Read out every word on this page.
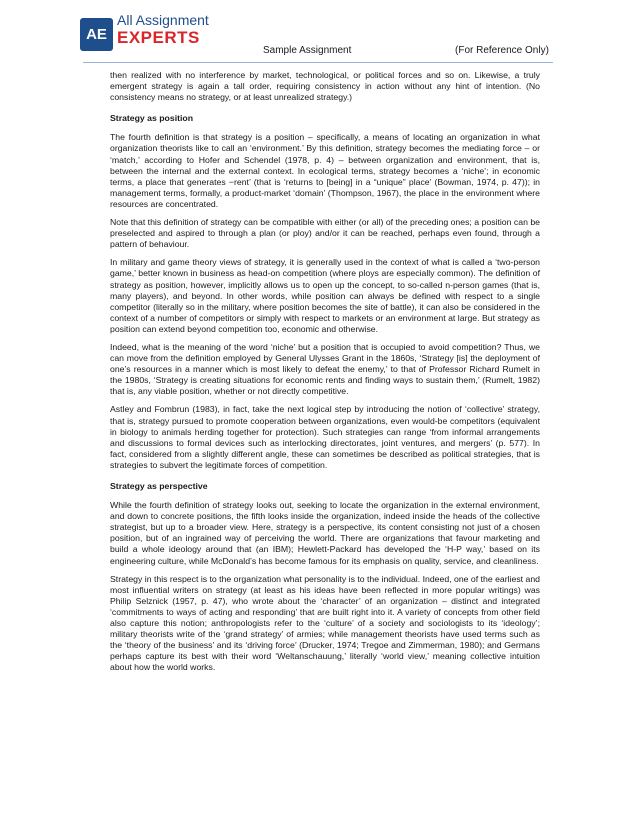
AE
All Assignment
EXPERTS
Sample Assignment	(For Reference Only)

then realized with no interference by market, technological, or political forces and so on. Likewise, a truly emergent strategy is again a tall order, requiring consistency in action without any hint of intention. (No consistency means no strategy, or at least unrealized strategy.)

Strategy as position

The fourth definition is that strategy is a position – specifically, a means of locating an organization in what organization theorists like to call an ‘environment.’ By this definition, strategy becomes the mediating force – or ‘match,’ according to Hofer and Schendel (1978, p. 4) – between organization and environment, that is, between the internal and the external context. In ecological terms, strategy becomes a ‘niche’; in economic terms, a place that generates −rent’ (that is ‘returns to [being] in a “unique” place’ (Bowman, 1974, p. 47)); in management terms, formally, a product-market ‘domain’ (Thompson, 1967), the place in the environment where resources are concentrated.

Note that this definition of strategy can be compatible with either (or all) of the preceding ones; a position can be preselected and aspired to through a plan (or ploy) and/or it can be reached, perhaps even found, through a pattern of behaviour.

In military and game theory views of strategy, it is generally used in the context of what is called a ‘two-person game,’ better known in business as head-on competition (where ploys are especially common). The definition of strategy as position, however, implicitly allows us to open up the concept, to so-called n-person games (that is, many players), and beyond. In other words, while position can always be defined with respect to a single competitor (literally so in the military, where position becomes the site of battle), it can also be considered in the context of a number of competitors or simply with respect to markets or an environment at large. But strategy as position can extend beyond competition too, economic and otherwise.

Indeed, what is the meaning of the word ‘niche’ but a position that is occupied to avoid competition? Thus, we can move from the definition employed by General Ulysses Grant in the 1860s, ‘Strategy [is] the deployment of one’s resources in a manner which is most likely to defeat the enemy,’ to that of Professor Richard Rumelt in the 1980s, ‘Strategy is creating situations for economic rents and finding ways to sustain them,’ (Rumelt, 1982) that is, any viable position, whether or not directly competitive.

Astley and Fombrun (1983), in fact, take the next logical step by introducing the notion of ‘collective’ strategy, that is, strategy pursued to promote cooperation between organizations, even would-be competitors (equivalent in biology to animals herding together for protection). Such strategies can range ‘from informal arrangements and discussions to formal devices such as interlocking directorates, joint ventures, and mergers’ (p. 577). In fact, considered from a slightly different angle, these can sometimes be described as political strategies, that is strategies to subvert the legitimate forces of competition.

Strategy as perspective

While the fourth definition of strategy looks out, seeking to locate the organization in the external environment, and down to concrete positions, the fifth looks inside the organization, indeed inside the heads of the collective strategist, but up to a broader view. Here, strategy is a perspective, its content consisting not just of a chosen position, but of an ingrained way of perceiving the world. There are organizations that favour marketing and build a whole ideology around that (an IBM); Hewlett-Packard has developed the ‘H-P way,’ based on its engineering culture, while McDonald’s has become famous for its emphasis on quality, service, and cleanliness.

Strategy in this respect is to the organization what personality is to the individual. Indeed, one of the earliest and most influential writers on strategy (at least as his ideas have been reflected in more popular writings) was Philip Selznick (1957, p. 47), who wrote about the ‘character’ of an organization – distinct and integrated ‘commitments to ways of acting and responding’ that are built right into it. A variety of concepts from other field also capture this notion; anthropologists refer to the ‘culture’ of a society and sociologists to its ‘ideology’; military theorists write of the ‘grand strategy’ of armies; while management theorists have used terms such as the ‘theory of the business’ and its ‘driving force’ (Drucker, 1974; Tregoe and Zimmerman, 1980); and Germans perhaps capture its best with their word ‘Weltanschauung,’ literally ‘world view,’ meaning collective intuition about how the world works.
